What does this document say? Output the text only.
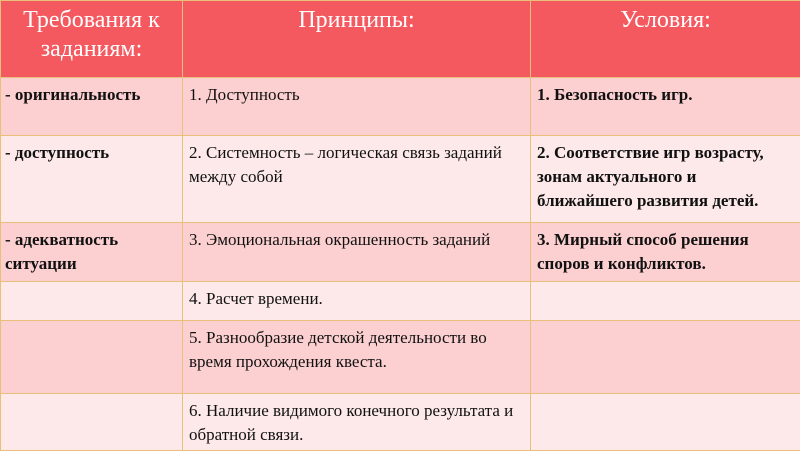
Требования к заданиям:	Принципы:	Условия:

- оригинальность	1. Доступность	1. Безопасность игр.

- доступность	2. Системность – логическая связь заданий между собой	2. Соответствие игр возрасту, зонам актуального и ближайшего развития детей.

- адекватность ситуации	3. Эмоциональная окрашенность заданий	3. Мирный способ решения споров и конфликтов.

	4. Расчет времени.	

	5. Разнообразие детской деятельности во время прохождения квеста.	

	6. Наличие видимого конечного результата и обратной связи.	
